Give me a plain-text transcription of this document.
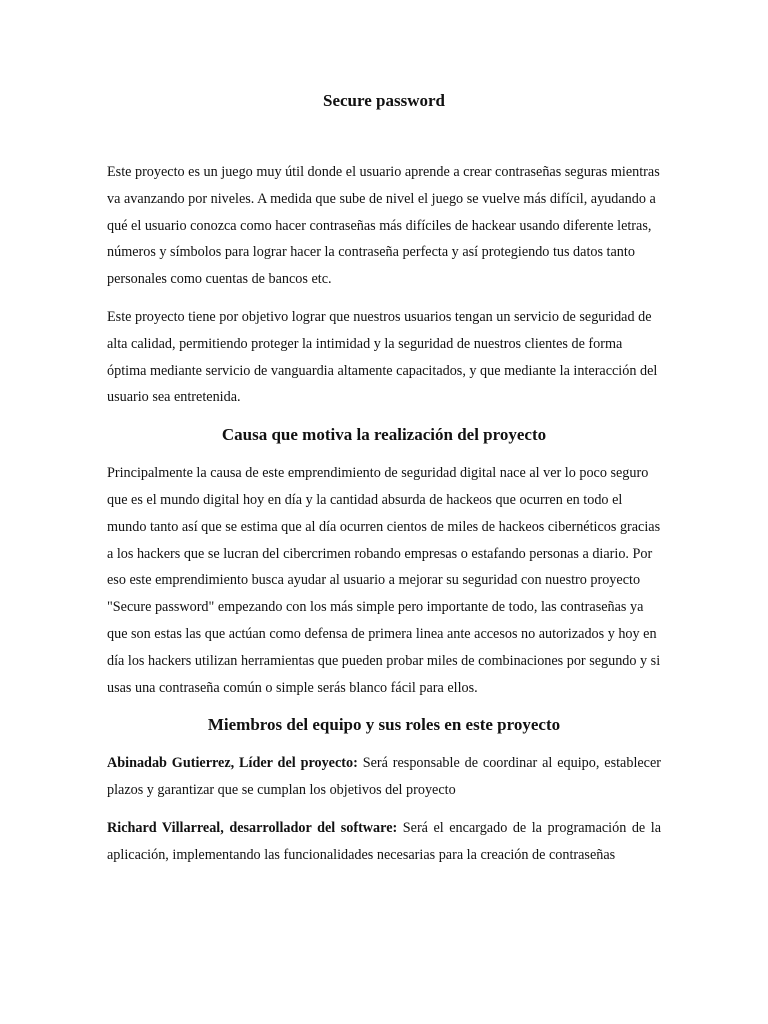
Secure password

Este proyecto es un juego muy útil donde el usuario aprende a crear contraseñas seguras mientras va avanzando por niveles. A medida que sube de nivel el juego se vuelve más difícil, ayudando a qué el usuario conozca como hacer contraseñas más difíciles de hackear usando diferente letras, números y símbolos para lograr hacer la contraseña perfecta y así protegiendo tus datos tanto personales como cuentas de bancos etc.

Este proyecto tiene por objetivo lograr que nuestros usuarios tengan un servicio de seguridad de alta calidad, permitiendo proteger la intimidad y la seguridad de nuestros clientes de forma óptima mediante servicio de vanguardia altamente capacitados, y que mediante la interacción del usuario sea entretenida.

Causa que motiva la realización del proyecto

Principalmente la causa de este emprendimiento de seguridad digital nace al ver lo poco seguro que es el mundo digital hoy en día y la cantidad absurda de hackeos que ocurren en todo el mundo tanto así que se estima que al día ocurren cientos de miles de hackeos cibernéticos gracias a los hackers que se lucran del cibercrimen robando empresas o estafando personas a diario. Por eso este emprendimiento busca ayudar al usuario a mejorar su seguridad con nuestro proyecto "Secure password" empezando con los más simple pero importante de todo, las contraseñas ya que son estas las que actúan como defensa de primera linea ante accesos no autorizados y hoy en día los hackers utilizan herramientas que pueden probar miles de combinaciones por segundo y si usas una contraseña común o simple serás blanco fácil para ellos.

Miembros del equipo y sus roles en este proyecto

Abinadab Gutierrez, Líder del proyecto: Será responsable de coordinar al equipo, establecer plazos y garantizar que se cumplan los objetivos del proyecto

Richard Villarreal, desarrollador del software: Será el encargado de la programación de la aplicación, implementando las funcionalidades necesarias para la creación de contraseñas
